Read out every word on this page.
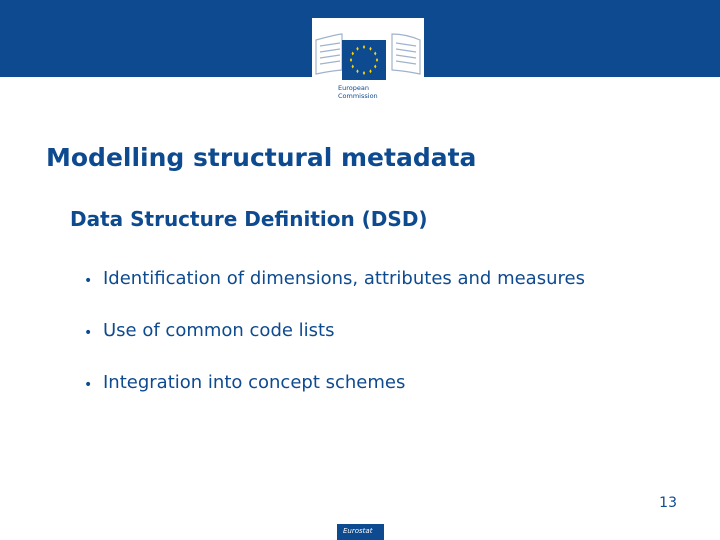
European
Commission
Modelling structural metadata
Data Structure Definition (DSD)
• Identification of dimensions, attributes and measures
• Use of common code lists
• Integration into concept schemes
13
Eurostat
